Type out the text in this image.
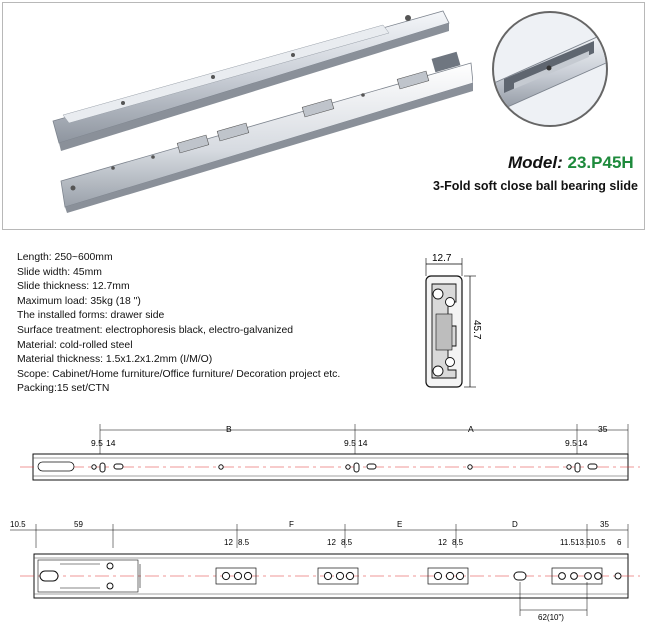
Model: 23.P45H
3-Fold soft close ball bearing slide
Length: 250~600mm
Slide width: 45mm
Slide thickness: 12.7mm
Maximum load: 35kg (18 ")
The installed forms: drawer side
Surface treatment: electrophoresis black, electro-galvanized
Material: cold-rolled steel
Material thickness: 1.5x1.2x1.2mm (I/M/O)
Scope: Cabinet/Home furniture/Office furniture/ Decoration project etc.
Packing:15 set/CTN
12.7
45.7
B	A	35
9.5 14	9.5 14	9.5 14
10.5	59	F	E	D	35
12 8.5	12 8.5	12 8.5	11.5 13.5 10.5 6
62(10")
